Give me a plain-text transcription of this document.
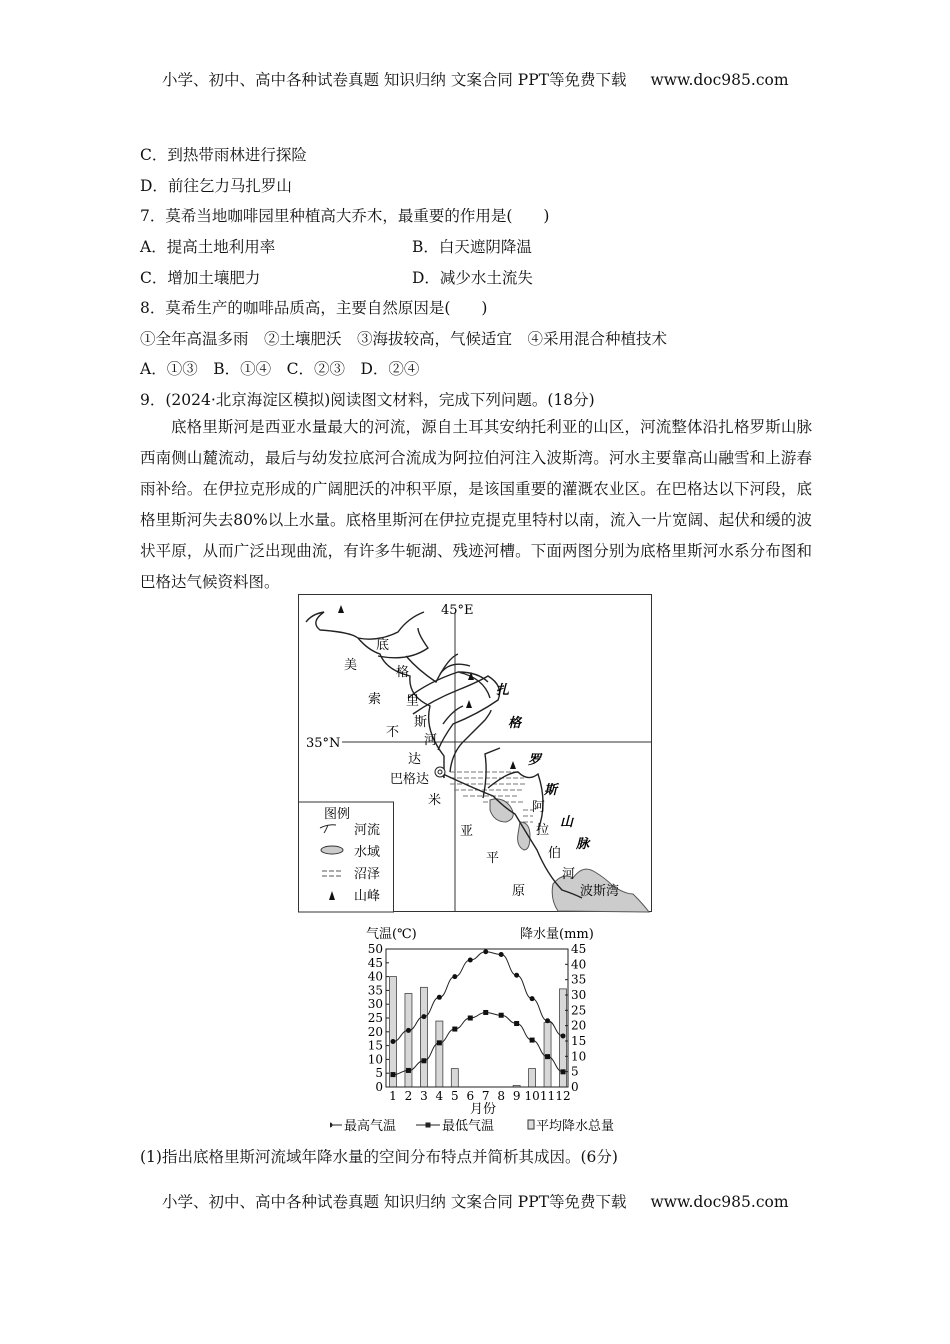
小学、初中、高中各种试卷真题 知识归纳 文案合同 PPT等免费下载 www.doc985.com
C．到热带雨林进行探险
D．前往乞力马扎罗山
7．莫希当地咖啡园里种植高大乔木，最重要的作用是(　　)
A．提高土地利用率	B．白天遮阴降温
C．增加土壤肥力	D．减少水土流失
8．莫希生产的咖啡品质高，主要自然原因是(　　)
①全年高温多雨　②土壤肥沃　③海拔较高，气候适宜　④采用混合种植技术
A．①③　B．①④　C．②③　D．②④
9．(2024·北京海淀区模拟)阅读图文材料，完成下列问题。(18分)
底格里斯河是西亚水量最大的河流，源自土耳其安纳托利亚的山区，河流整体沿扎格罗斯山脉西南侧山麓流动，最后与幼发拉底河合流成为阿拉伯河注入波斯湾。河水主要靠高山融雪和上游春雨补给。在伊拉克形成的广阔肥沃的冲积平原，是该国重要的灌溉农业区。在巴格达以下河段，底格里斯河失去80%以上水量。底格里斯河在伊拉克提克里特村以南，流入一片宽阔、起伏和缓的波状平原，从而广泛出现曲流，有许多牛轭湖、残迹河槽。下面两图分别为底格里斯河水系分布图和巴格达气候资料图。
45°E
35°N
底
格
里
斯
河
美
索
不
达
米
亚
平
原
扎
格
罗
斯
山
脉
阿
拉
伯
河
巴格达
波斯湾
图例
河流
水域
沼泽
山峰
气温(℃)	降水量(mm)
0
5
10
15
20
25
30
35
40
45
50
0
5
10
15
20
25
30
35
40
45
1 2 3 4 5 6 7 8 9 10 11 12
月份
最高气温	最低气温	平均降水总量
(1)指出底格里斯河流域年降水量的空间分布特点并简析其成因。(6分)
小学、初中、高中各种试卷真题 知识归纳 文案合同 PPT等免费下载 www.doc985.com
